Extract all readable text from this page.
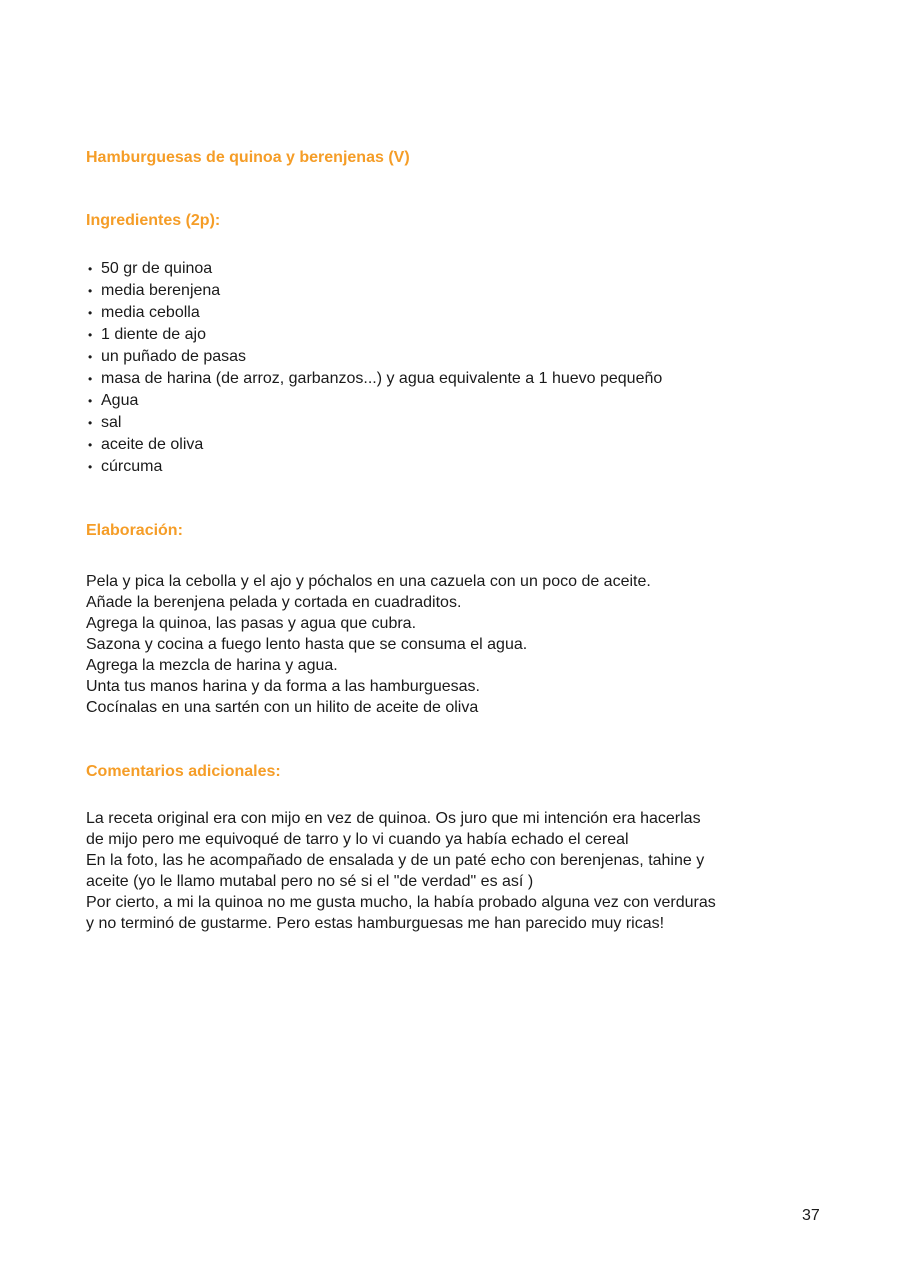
Hamburguesas de quinoa y berenjenas (V)
Ingredientes (2p):
• 50 gr de quinoa
• media berenjena
• media cebolla
• 1 diente de ajo
• un puñado de pasas
• masa de harina (de arroz, garbanzos...) y agua equivalente a 1 huevo pequeño
• Agua
• sal
• aceite de oliva
• cúrcuma
Elaboración:
Pela y pica la cebolla y el ajo y póchalos en una cazuela con un poco de aceite.
Añade la berenjena pelada y cortada en cuadraditos.
Agrega la quinoa, las pasas y agua que cubra.
Sazona y cocina a fuego lento hasta que se consuma el agua.
Agrega la mezcla de harina y agua.
Unta tus manos harina y da forma a las hamburguesas.
Cocínalas en una sartén con un hilito de aceite de oliva
Comentarios adicionales:
La receta original era con mijo en vez de quinoa. Os juro que mi intención era hacerlas
de mijo pero me equivoqué de tarro y lo vi cuando ya había echado el cereal
En la foto, las he acompañado de ensalada y de un paté echo con berenjenas, tahine y
aceite (yo le llamo mutabal pero no sé si el "de verdad" es así )
Por cierto, a mi la quinoa no me gusta mucho, la había probado alguna vez con verduras
y no terminó de gustarme. Pero estas hamburguesas me han parecido muy ricas!
37
